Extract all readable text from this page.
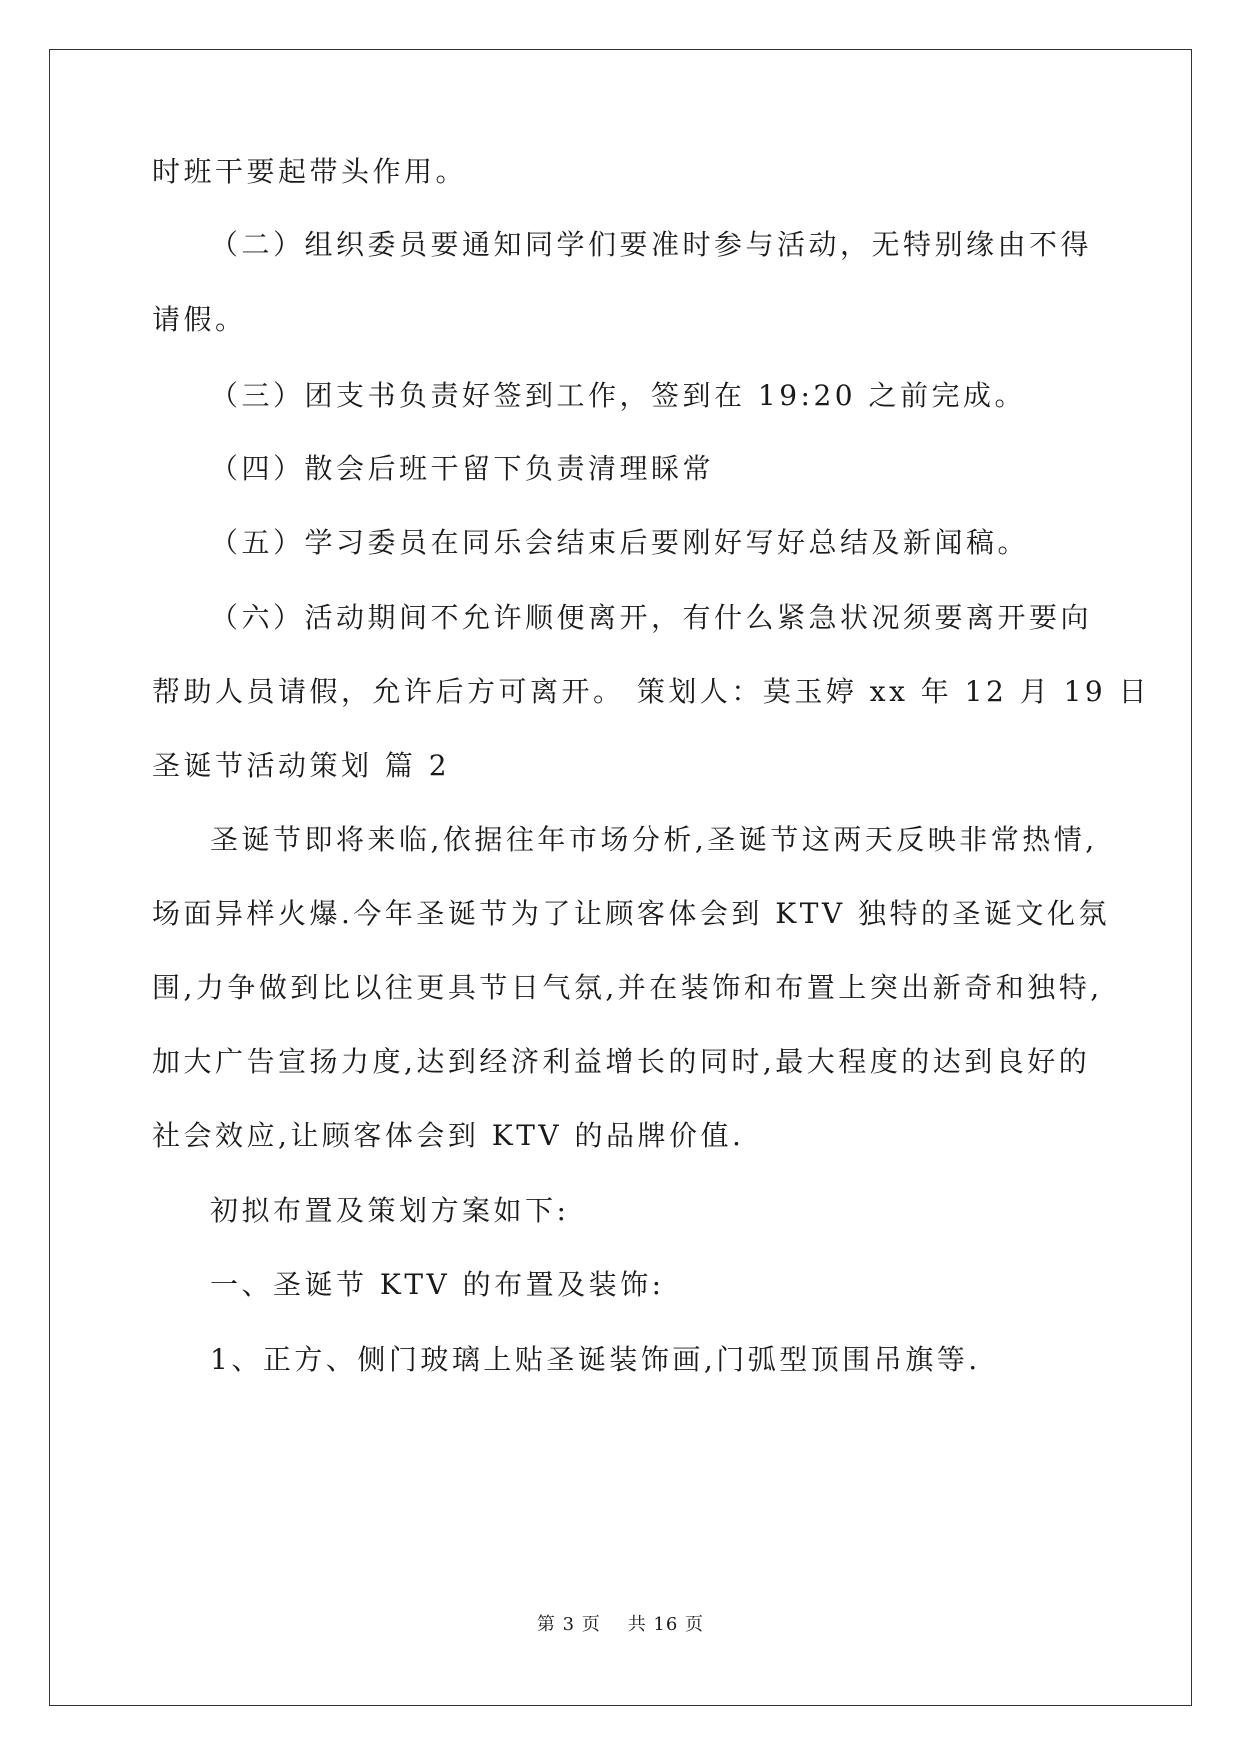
时班干要起带头作用。
（二）组织委员要通知同学们要准时参与活动，无特别缘由不得
请假。
（三）团支书负责好签到工作，签到在 19:20 之前完成。
（四）散会后班干留下负责清理睬常
（五）学习委员在同乐会结束后要刚好写好总结及新闻稿。
（六）活动期间不允许顺便离开，有什么紧急状况须要离开要向
帮助人员请假，允许后方可离开。 策划人：莫玉婷 xx 年 12 月 19 日
圣诞节活动策划 篇 2
圣诞节即将来临,依据往年市场分析,圣诞节这两天反映非常热情,
场面异样火爆.今年圣诞节为了让顾客体会到 KTV 独特的圣诞文化氛
围,力争做到比以往更具节日气氛,并在装饰和布置上突出新奇和独特,
加大广告宣扬力度,达到经济利益增长的同时,最大程度的达到良好的
社会效应,让顾客体会到 KTV 的品牌价值.
初拟布置及策划方案如下:
一、圣诞节 KTV 的布置及装饰:
1、正方、侧门玻璃上贴圣诞装饰画,门弧型顶围吊旗等.
第 3 页    共 16 页
